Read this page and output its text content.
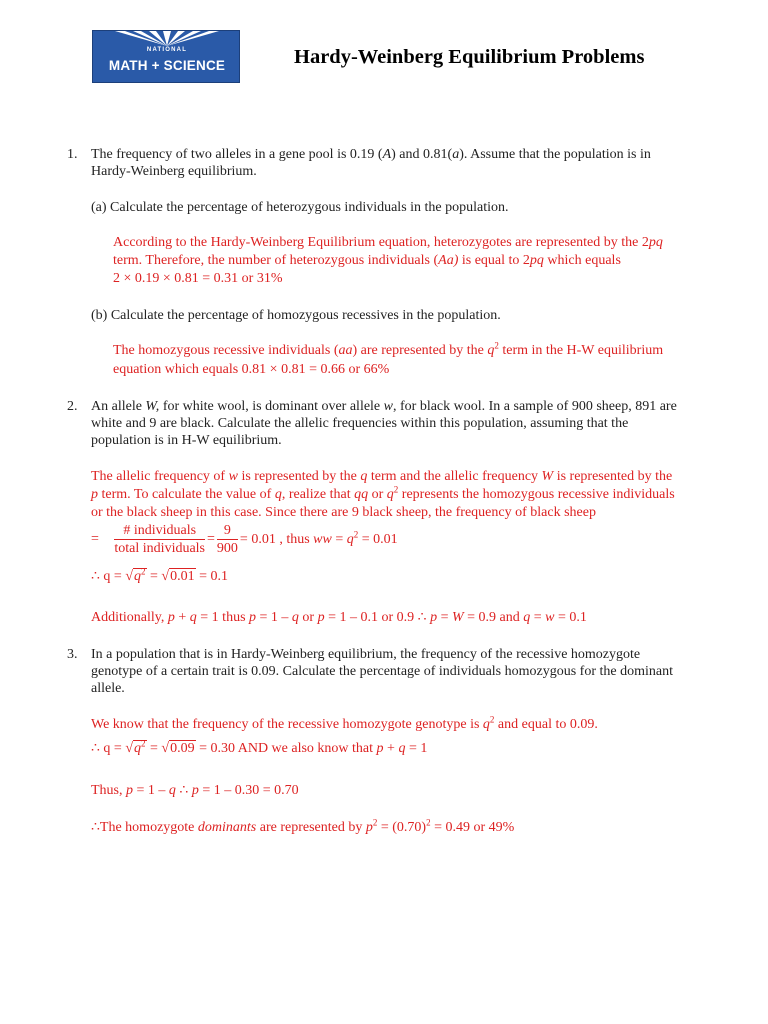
NATIONAL
MATH + SCIENCE	Hardy-Weinberg Equilibrium Problems
1. The frequency of two alleles in a gene pool is 0.19 (A) and 0.81(a). Assume that the population is in
Hardy-Weinberg equilibrium.
(a) Calculate the percentage of heterozygous individuals in the population.
According to the Hardy-Weinberg Equilibrium equation, heterozygotes are represented by the 2pq
term. Therefore, the number of heterozygous individuals (Aa) is equal to 2pq which equals
2 × 0.19 × 0.81 = 0.31 or 31%
(b) Calculate the percentage of homozygous recessives in the population.
The homozygous recessive individuals (aa) are represented by the $q^2$ term in the H-W equilibrium
equation which equals 0.81 × 0.81 = 0.66 or 66%
2. An allele W, for white wool, is dominant over allele w, for black wool. In a sample of 900 sheep, 891 are
white and 9 are black. Calculate the allelic frequencies within this population, assuming that the
population is in H-W equilibrium.
The allelic frequency of w is represented by the q term and the allelic frequency W is represented by the
p term. To calculate the value of q, realize that qq or $q^2$ represents the homozygous recessive individuals
or the black sheep in this case. Since there are 9 black sheep, the frequency of black sheep
= $\frac{\text{\# individuals}}{\text{total individuals}} = \frac{9}{900} = 0.01$ , thus ww = $q^2 = 0.01$
∴ $q = √q^2 = √0.01 = 0.1$
Additionally, p + q = 1 thus p = 1 – q or p = 1 – 0.1 or 0.9 ∴ p = W = 0.9 and q = w = 0.1
3. In a population that is in Hardy-Weinberg equilibrium, the frequency of the recessive homozygote
genotype of a certain trait is 0.09. Calculate the percentage of individuals homozygous for the dominant
allele.
We know that the frequency of the recessive homozygote genotype is $q^2$ and equal to 0.09.
∴ $q = √q^2 = √0.09 = 0.30$ AND we also know that p + q = 1
Thus, p = 1 – q ∴ p = 1 – 0.30 = 0.70
∴The homozygote dominants are represented by $p^2 = (0.70)^2 = 0.49$ or 49%
